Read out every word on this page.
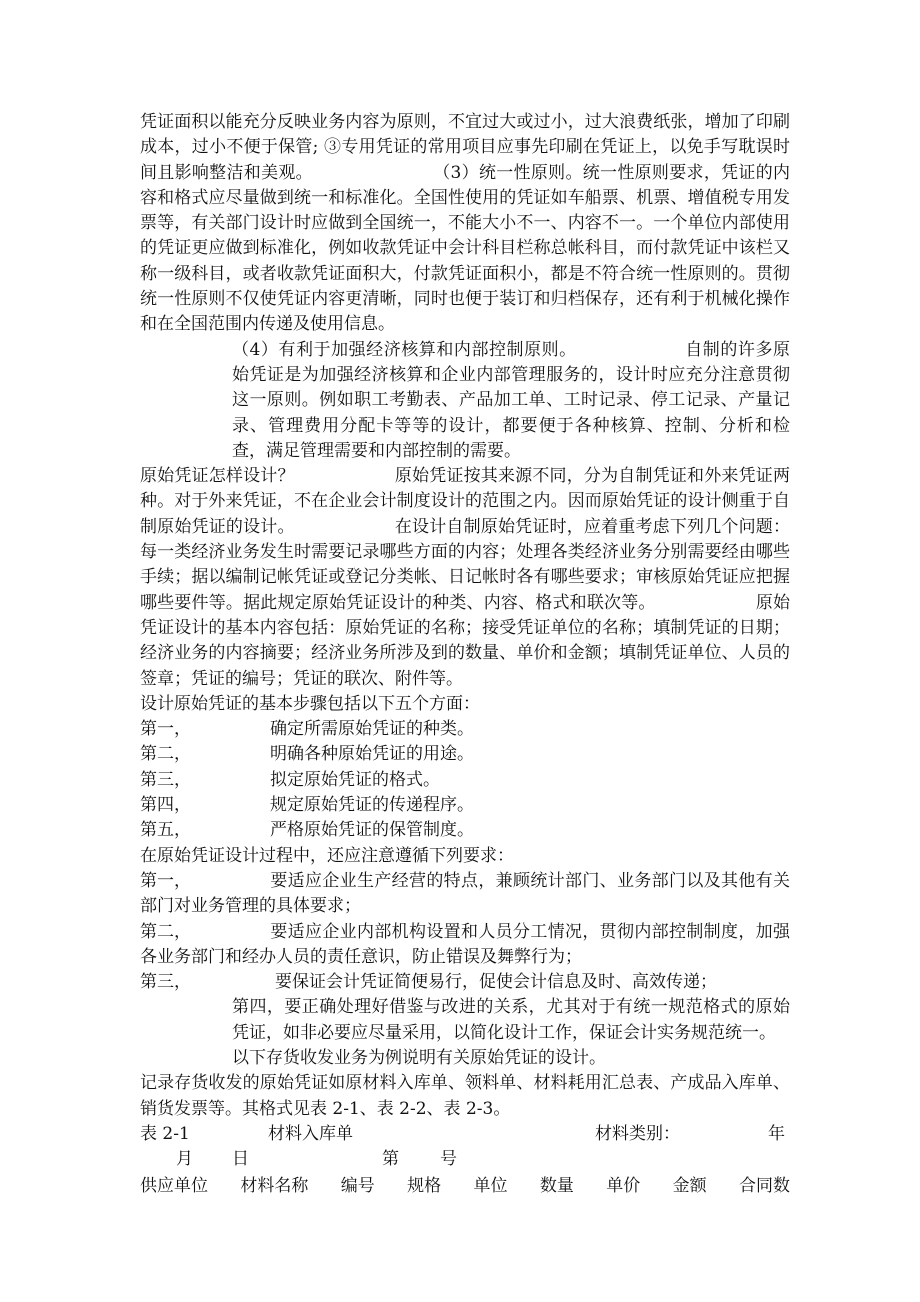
凭证面积以能充分反映业务内容为原则，不宜过大或过小，过大浪费纸张，增加了印刷成本，过小不便于保管; ③专用凭证的常用项目应事先印刷在凭证上，以免手写耽误时间且影响整洁和美观。	（3）统一性原则。统一性原则要求，凭证的内容和格式应尽量做到统一和标准化。全国性使用的凭证如车船票、机票、增值税专用发票等，有关部门设计时应做到全国统一，不能大小不一、内容不一。一个单位内部使用的凭证更应做到标准化，例如收款凭证中会计科目栏称总帐科目，而付款凭证中该栏又称一级科目，或者收款凭证面积大，付款凭证面积小，都是不符合统一性原则的。贯彻统一性原则不仅使凭证内容更清晰，同时也便于装订和归档保存，还有利于机械化操作和在全国范围内传递及使用信息。

（4）有利于加强经济核算和内部控制原则。	自制的许多原始凭证是为加强经济核算和企业内部管理服务的，设计时应充分注意贯彻这一原则。例如职工考勤表、产品加工单、工时记录、停工记录、产量记录、管理费用分配卡等等的设计，都要便于各种核算、控制、分析和检查，满足管理需要和内部控制的需要。

原始凭证怎样设计？	原始凭证按其来源不同，分为自制凭证和外来凭证两种。对于外来凭证，不在企业会计制度设计的范围之内。因而原始凭证的设计侧重于自制原始凭证的设计。	在设计自制原始凭证时，应着重考虑下列几个问题：每一类经济业务发生时需要记录哪些方面的内容；处理各类经济业务分别需要经由哪些手续；据以编制记帐凭证或登记分类帐、日记帐时各有哪些要求；审核原始凭证应把握哪些要件等。据此规定原始凭证设计的种类、内容、格式和联次等。	原始凭证设计的基本内容包括：原始凭证的名称；接受凭证单位的名称；填制凭证的日期；经济业务的内容摘要；经济业务所涉及到的数量、单价和金额；填制凭证单位、人员的签章；凭证的编号；凭证的联次、附件等。

设计原始凭证的基本步骤包括以下五个方面：

第一，	确定所需原始凭证的种类。
第二，	明确各种原始凭证的用途。
第三，	拟定原始凭证的格式。
第四，	规定原始凭证的传递程序。
第五，	严格原始凭证的保管制度。

在原始凭证设计过程中，还应注意遵循下列要求：

第一，	要适应企业生产经营的特点，兼顾统计部门、业务部门以及其他有关部门对业务管理的具体要求；

第二，	要适应企业内部机构设置和人员分工情况，贯彻内部控制制度，加强各业务部门和经办人员的责任意识，防止错误及舞弊行为；

第三，	要保证会计凭证简便易行，促使会计信息及时、高效传递；

第四，要正确处理好借鉴与改进的关系，尤其对于有统一规范格式的原始凭证，如非必要应尽量采用，以简化设计工作，保证会计实务规范统一。

以下存货收发业务为例说明有关原始凭证的设计。

记录存货收发的原始凭证如原材料入库单、领料单、材料耗用汇总表、产成品入库单、销货发票等。其格式见表 2-1、表 2-2、表 2-3。

表 2-1	材料入库单	材料类别：	年
月	日	第	号
供应单位 材料名称 编号 规格 单位 数量 单价 金额 合同数
